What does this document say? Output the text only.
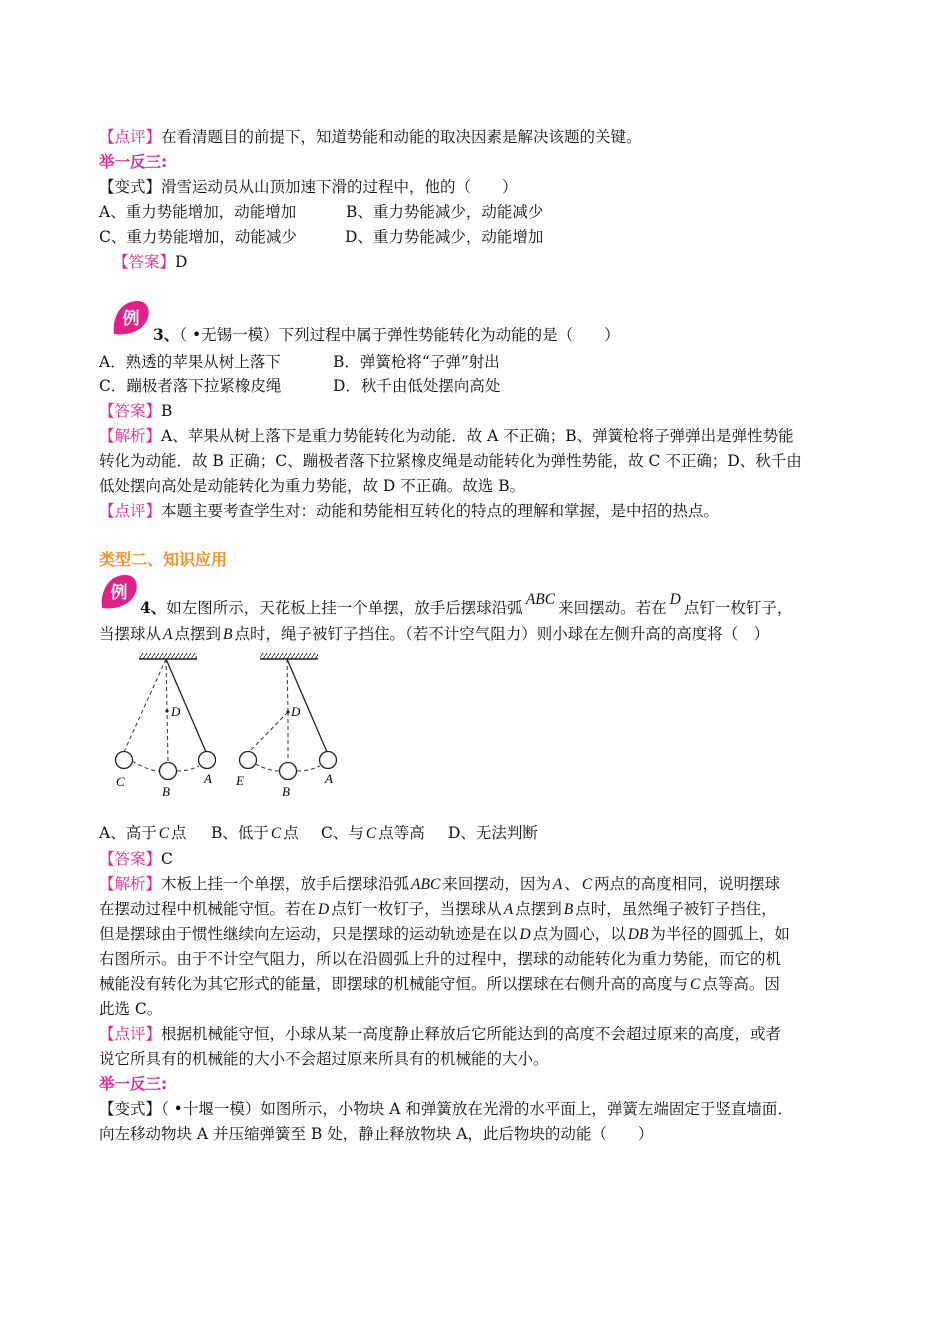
【点评】在看清题目的前提下，知道势能和动能的取决因素是解决该题的关键。
举一反三:
【变式】滑雪运动员从山顶加速下滑的过程中，他的（　　）
A、重力势能增加，动能增加	B、重力势能减少，动能减少
C、重力势能增加，动能减少	D、重力势能减少，动能增加
【答案】D
例
3、（ •无锡一模）下列过程中属于弹性势能转化为动能的是（　　）
A．熟透的苹果从树上落下	B．弹簧枪将“子弹”射出
C．蹦极者落下拉紧橡皮绳	D．秋千由低处摆向高处
【答案】B
【解析】A、苹果从树上落下是重力势能转化为动能．故 A 不正确；B、弹簧枪将子弹弹出是弹性势能
转化为动能．故 B 正确；C、蹦极者落下拉紧橡皮绳是动能转化为弹性势能，故 C 不正确；D、秋千由
低处摆向高处是动能转化为重力势能，故 D 不正确。故选 B。
【点评】本题主要考查学生对：动能和势能相互转化的特点的理解和掌握，是中招的热点。
类型二、知识应用
例
4、如左图所示，天花板上挂一个单摆，放手后摆球沿弧 ABC 来回摆动。若在 D 点钉一枚钉子，
当摆球从 A 点摆到 B 点时，绳子被钉子挡住。（若不计空气阻力）则小球在左侧升高的高度将（　）
D
C
B
A
D
E
B
A
A、高于 C 点 B、低于 C 点 C、与 C 点等高 D、无法判断
【答案】C
【解析】木板上挂一个单摆，放手后摆球沿弧 ABC 来回摆动，因为 A 、 C 两点的高度相同，说明摆球
在摆动过程中机械能守恒。若在 D 点钉一枚钉子，当摆球从 A 点摆到 B 点时，虽然绳子被钉子挡住，
但是摆球由于惯性继续向左运动，只是摆球的运动轨迹是在以 D 点为圆心，以 DB 为半径的圆弧上，如
右图所示。由于不计空气阻力，所以在沿圆弧上升的过程中，摆球的动能转化为重力势能，而它的机
械能没有转化为其它形式的能量，即摆球的机械能守恒。所以摆球在右侧升高的高度与 C 点等高。因
此选 C。
【点评】根据机械能守恒，小球从某一高度静止释放后它所能达到的高度不会超过原来的高度，或者
说它所具有的机械能的大小不会超过原来所具有的机械能的大小。
举一反三:
【变式】（ •十堰一模）如图所示，小物块 A 和弹簧放在光滑的水平面上，弹簧左端固定于竖直墙面．
向左移动物块 A 并压缩弹簧至 B 处，静止释放物块 A，此后物块的动能（　　）
